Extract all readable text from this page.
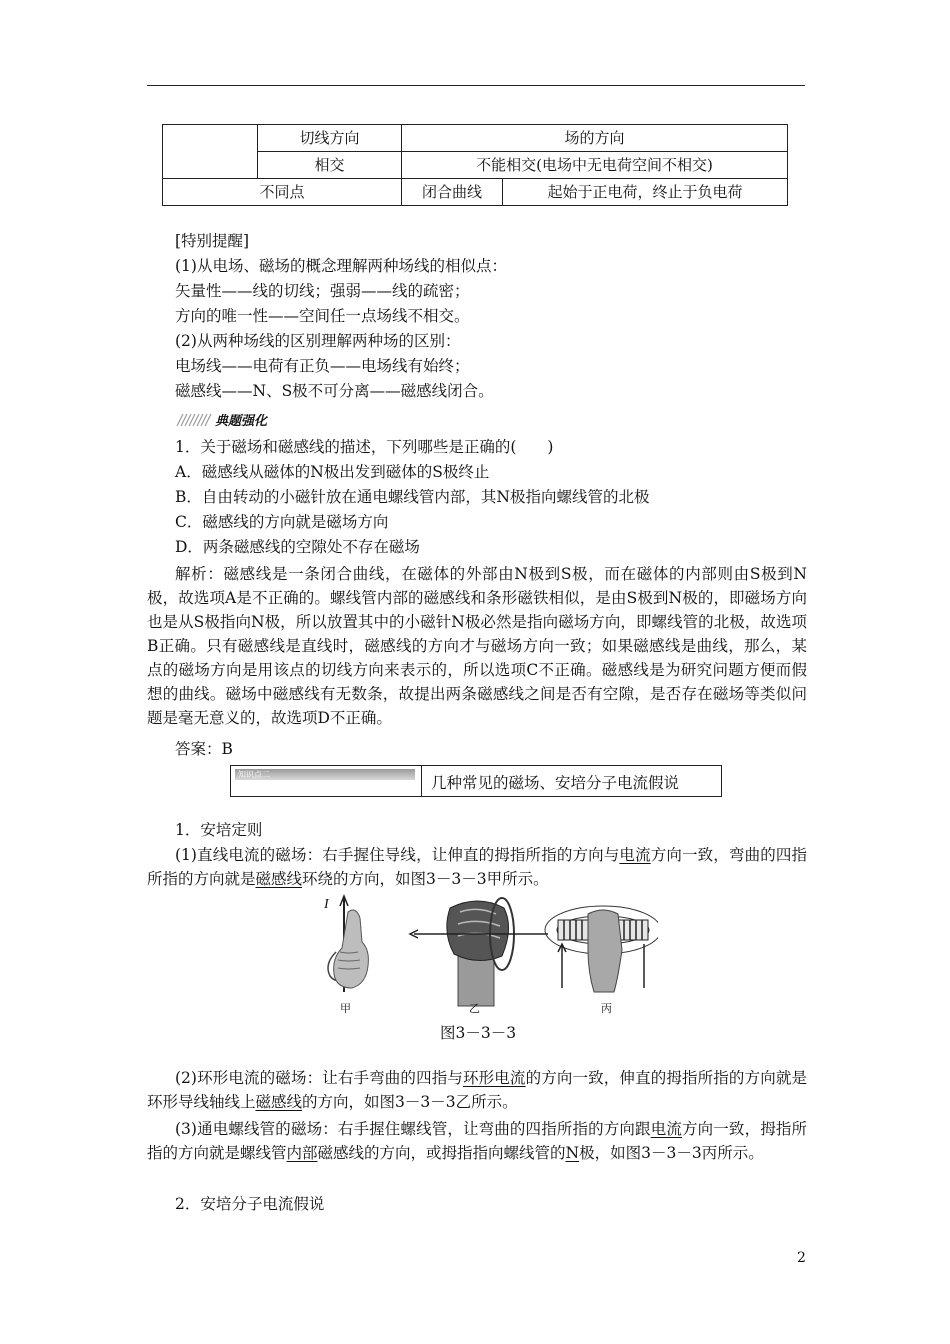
	切线方向	场的方向	
	相交	不能相交(电场中无电荷空间不相交)	
不同点		闭合曲线	起始于正电荷，终止于负电荷
[特别提醒]
(1)从电场、磁场的概念理解两种场线的相似点：
矢量性——线的切线；强弱——线的疏密；
方向的唯一性——空间任一点场线不相交。
(2)从两种场线的区别理解两种场的区别：
电场线——电荷有正负——电场线有始终；
磁感线——N、S极不可分离——磁感线闭合。
典题强化
1．关于磁场和磁感线的描述，下列哪些是正确的(　　)
A．磁感线从磁体的N极出发到磁体的S极终止
B．自由转动的小磁针放在通电螺线管内部，其N极指向螺线管的北极
C．磁感线的方向就是磁场方向
D．两条磁感线的空隙处不存在磁场
解析：磁感线是一条闭合曲线，在磁体的外部由N极到S极，而在磁体的内部则由S极到N极，故选项A是不正确的。螺线管内部的磁感线和条形磁铁相似，是由S极到N极的，即磁场方向也是从S极指向N极，所以放置其中的小磁针N极必然是指向磁场方向，即螺线管的北极，故选项B正确。只有磁感线是直线时，磁感线的方向才与磁场方向一致；如果磁感线是曲线，那么，某点的磁场方向是用该点的切线方向来表示的，所以选项C不正确。磁感线是为研究问题方便而假想的曲线。磁场中磁感线有无数条，故提出两条磁感线之间是否有空隙，是否存在磁场等类似问题是毫无意义的，故选项D不正确。
答案：B
知识点二	几种常见的磁场、安培分子电流假说
1．安培定则
(1)直线电流的磁场：右手握住导线，让伸直的拇指所指的方向与电流方向一致，弯曲的四指所指的方向就是磁感线环绕的方向，如图3－3－3甲所示。
I
甲	乙	丙
图3－3－3
(2)环形电流的磁场：让右手弯曲的四指与环形电流的方向一致，伸直的拇指所指的方向就是环形导线轴线上磁感线的方向，如图3－3－3乙所示。
(3)通电螺线管的磁场：右手握住螺线管，让弯曲的四指所指的方向跟电流方向一致，拇指所指的方向就是螺线管内部磁感线的方向，或拇指指向螺线管的N极，如图3－3－3丙所示。
2．安培分子电流假说
2
